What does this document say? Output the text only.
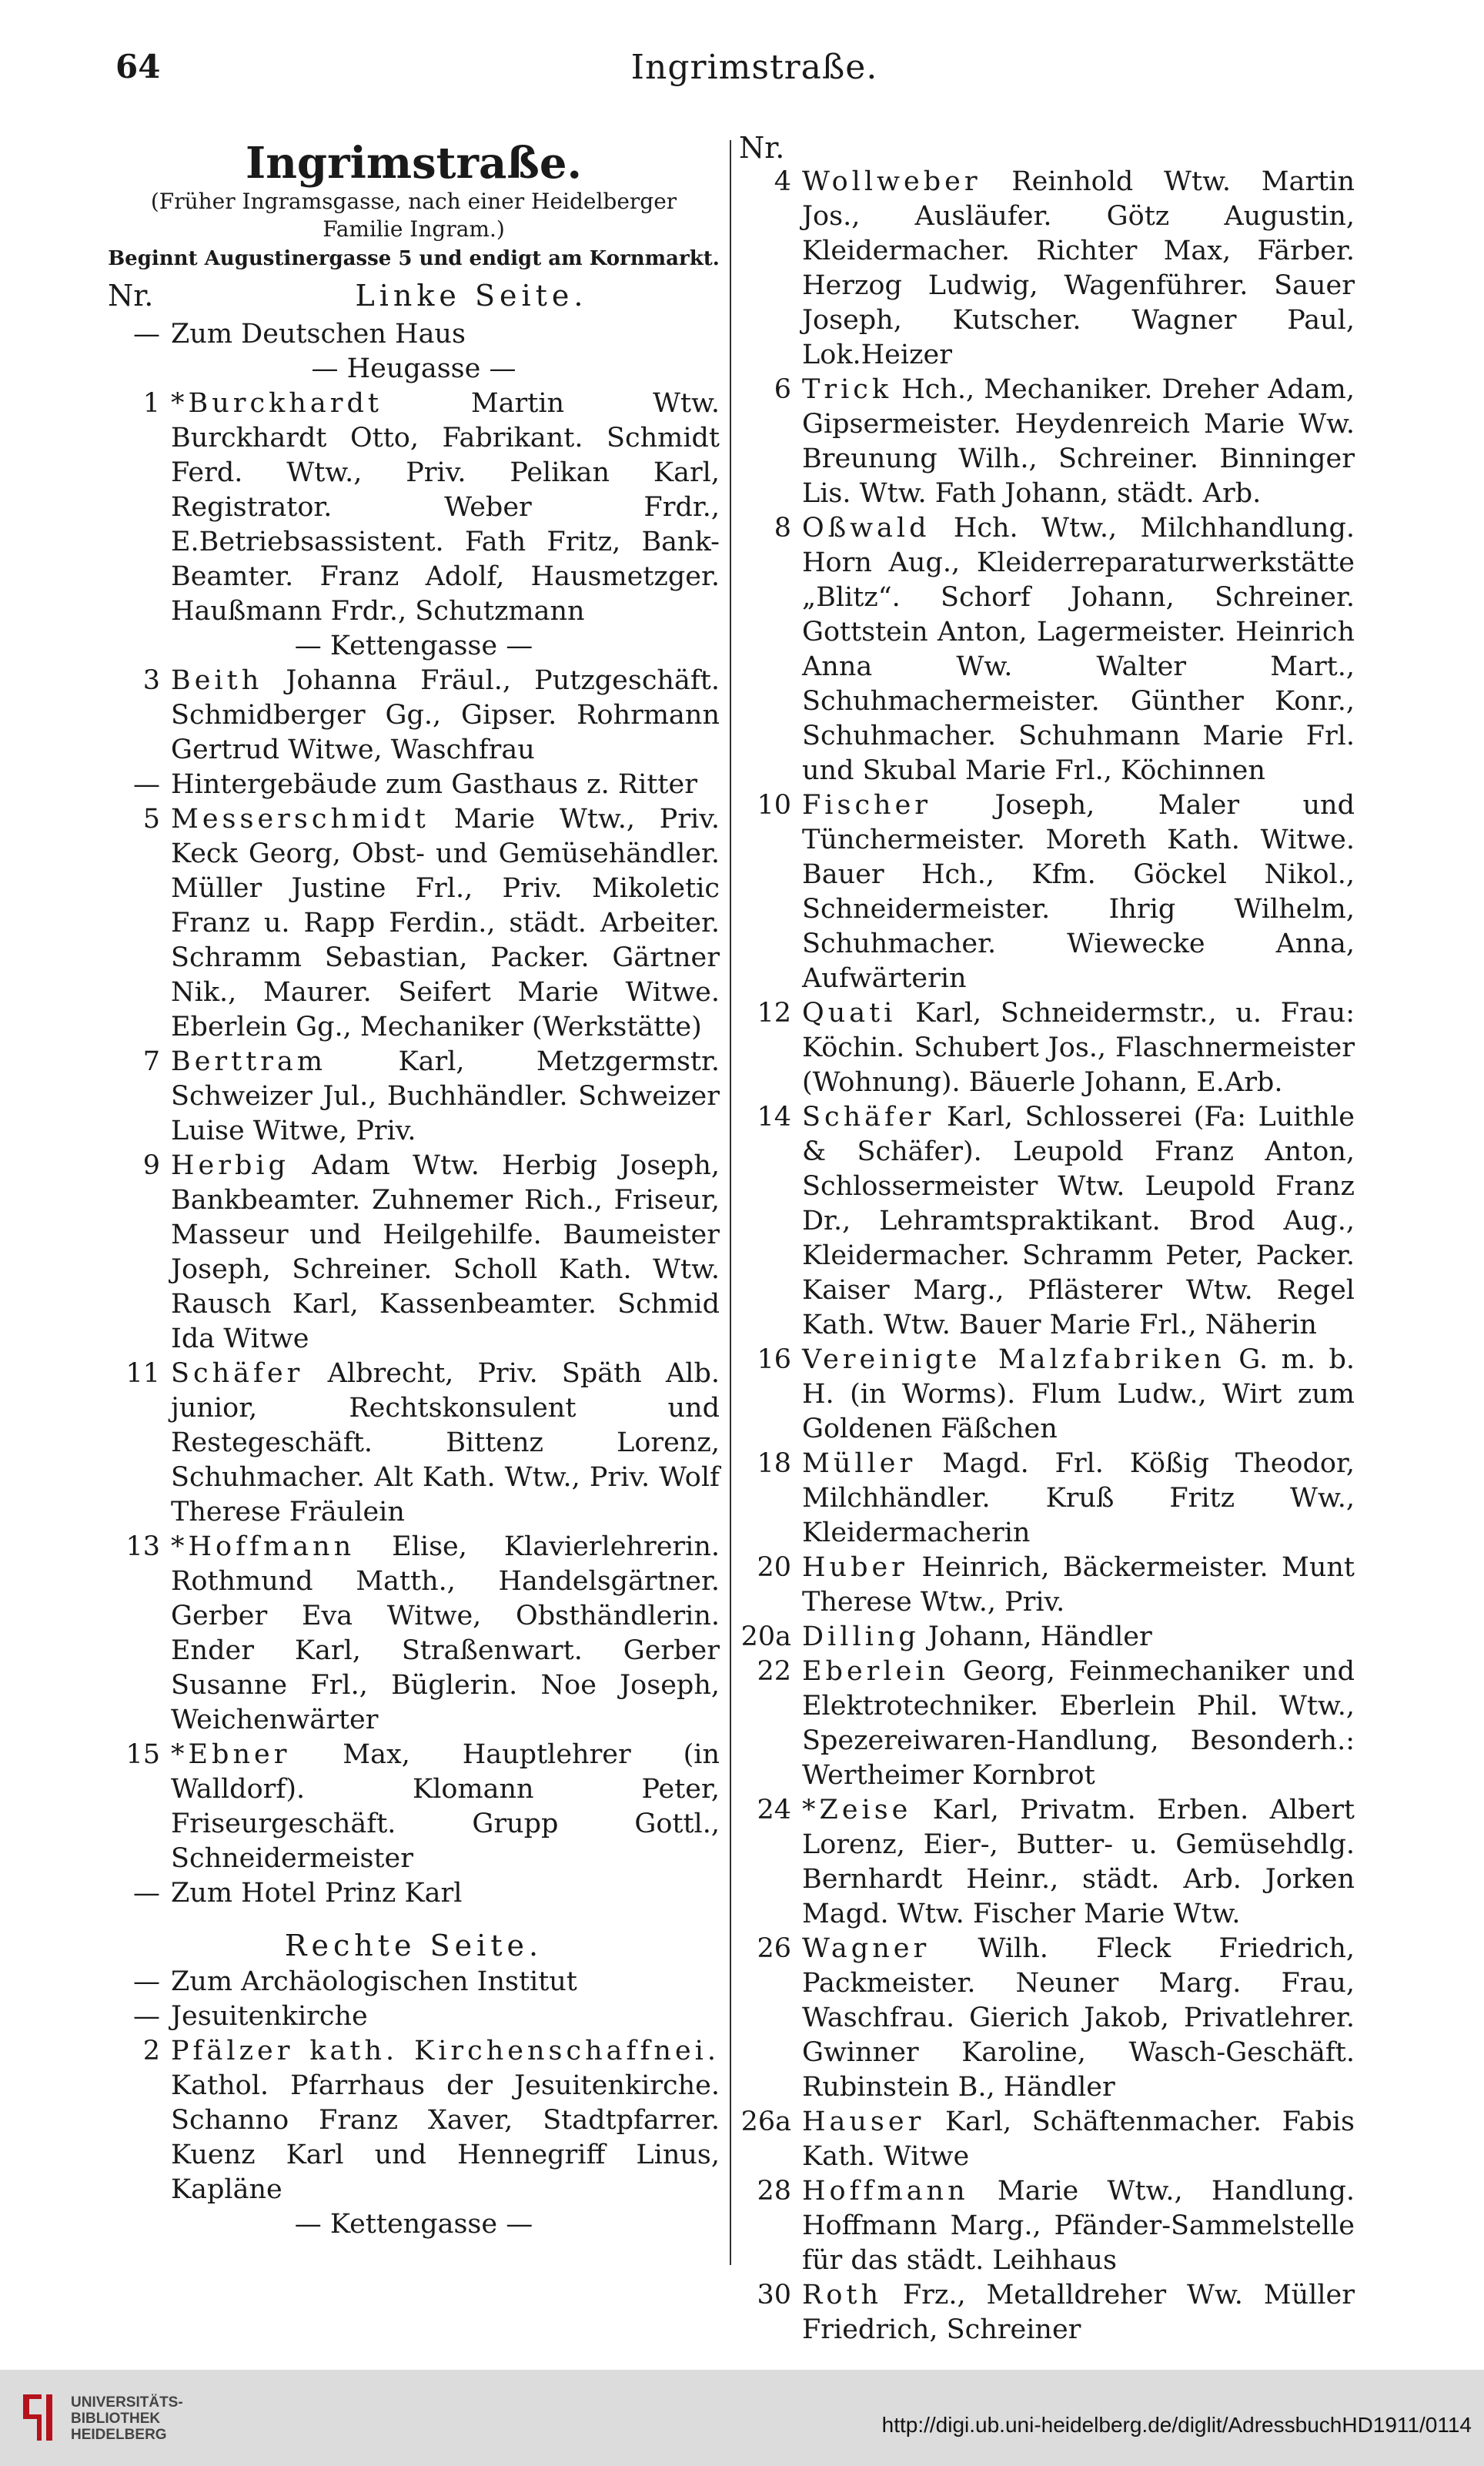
64	Ingrimstraße.
Ingrimstraße.
(Früher Ingramsgasse, nach einer Heidelberger Familie Ingram.)
Beginnt Augustinergasse 5 und endigt am Kornmarkt.
Nr.	Linke Seite.
— Zum Deutschen Haus
— Heugasse —
1 *Burckhardt Martin Wtw. Burckhardt Otto, Fabrikant. Schmidt Ferd. Wtw., Priv. Pelikan Karl, Registrator. Weber Frdr., E.Betriebsassistent. Fath Fritz, Bank-Beamter. Franz Adolf, Hausmetzger. Haußmann Frdr., Schutzmann
— Kettengasse —
3 Beith Johanna Fräul., Putzgeschäft. Schmidberger Gg., Gipser. Rohrmann Gertrud Witwe, Waschfrau
— Hintergebäude zum Gasthaus z. Ritter
5 Messerschmidt Marie Wtw., Priv. Keck Georg, Obst- und Gemüsehändler. Müller Justine Frl., Priv. Mikoletic Franz u. Rapp Ferdin., städt. Arbeiter. Schramm Sebastian, Packer. Gärtner Nik., Maurer. Seifert Marie Witwe. Eberlein Gg., Mechaniker (Werkstätte)
7 Berttram Karl, Metzgermstr. Schweizer Jul., Buchhändler. Schweizer Luise Witwe, Priv.
9 Herbig Adam Wtw. Herbig Joseph, Bankbeamter. Zuhnemer Rich., Friseur, Masseur und Heilgehilfe. Baumeister Joseph, Schreiner. Scholl Kath. Wtw. Rausch Karl, Kassenbeamter. Schmid Ida Witwe
11 Schäfer Albrecht, Priv. Späth Alb. junior, Rechtskonsulent und Restegeschäft. Bittenz Lorenz, Schuhmacher. Alt Kath. Wtw., Priv. Wolf Therese Fräulein
13 *Hoffmann Elise, Klavierlehrerin. Rothmund Matth., Handelsgärtner. Gerber Eva Witwe, Obsthändlerin. Ender Karl, Straßenwart. Gerber Susanne Frl., Büglerin. Noe Joseph, Weichenwärter
15 *Ebner Max, Hauptlehrer (in Walldorf). Klomann Peter, Friseurgeschäft. Grupp Gottl., Schneidermeister
— Zum Hotel Prinz Karl
Rechte Seite.
— Zum Archäologischen Institut
— Jesuitenkirche
2 Pfälzer kath. Kirchenschaffnei. Kathol. Pfarrhaus der Jesuitenkirche. Schanno Franz Xaver, Stadtpfarrer. Kuenz Karl und Hennegriff Linus, Kapläne
— Kettengasse —
Nr.
4 Wollweber Reinhold Wtw. Martin Jos., Ausläufer. Götz Augustin, Kleidermacher. Richter Max, Färber. Herzog Ludwig, Wagenführer. Sauer Joseph, Kutscher. Wagner Paul, Lok.Heizer
6 Trick Hch., Mechaniker. Dreher Adam, Gipsermeister. Heydenreich Marie Ww. Breunung Wilh., Schreiner. Binninger Lis. Wtw. Fath Johann, städt. Arb.
8 Oßwald Hch. Wtw., Milchhandlung. Horn Aug., Kleiderreparaturwerkstätte „Blitz“. Schorf Johann, Schreiner. Gottstein Anton, Lagermeister. Heinrich Anna Ww. Walter Mart., Schuhmachermeister. Günther Konr., Schuhmacher. Schuhmann Marie Frl. und Skubal Marie Frl., Köchinnen
10 Fischer Joseph, Maler und Tünchermeister. Moreth Kath. Witwe. Bauer Hch., Kfm. Göckel Nikol., Schneidermeister. Ihrig Wilhelm, Schuhmacher. Wiewecke Anna, Aufwärterin
12 Quati Karl, Schneidermstr., u. Frau: Köchin. Schubert Jos., Flaschnermeister (Wohnung). Bäuerle Johann, E.Arb.
14 Schäfer Karl, Schlosserei (Fa: Luithle & Schäfer). Leupold Franz Anton, Schlossermeister Wtw. Leupold Franz Dr., Lehramtspraktikant. Brod Aug., Kleidermacher. Schramm Peter, Packer. Kaiser Marg., Pflästerer Wtw. Regel Kath. Wtw. Bauer Marie Frl., Näherin
16 Vereinigte Malzfabriken G. m. b. H. (in Worms). Flum Ludw., Wirt zum Goldenen Fäßchen
18 Müller Magd. Frl. Kößig Theodor, Milchhändler. Kruß Fritz Ww., Kleidermacherin
20 Huber Heinrich, Bäckermeister. Munt Therese Wtw., Priv.
20a Dilling Johann, Händler
22 Eberlein Georg, Feinmechaniker und Elektrotechniker. Eberlein Phil. Wtw., Spezereiwaren-Handlung, Besonderh.: Wertheimer Kornbrot
24 *Zeise Karl, Privatm. Erben. Albert Lorenz, Eier-, Butter- u. Gemüsehdlg. Bernhardt Heinr., städt. Arb. Jorken Magd. Wtw. Fischer Marie Wtw.
26 Wagner Wilh. Fleck Friedrich, Packmeister. Neuner Marg. Frau, Waschfrau. Gierich Jakob, Privatlehrer. Gwinner Karoline, Wasch-Geschäft. Rubinstein B., Händler
26a Hauser Karl, Schäftenmacher. Fabis Kath. Witwe
28 Hoffmann Marie Wtw., Handlung. Hoffmann Marg., Pfänder-Sammelstelle für das städt. Leihhaus
30 Roth Frz., Metalldreher Ww. Müller Friedrich, Schreiner
UNIVERSITÄTS-
BIBLIOTHEK
HEIDELBERG	http://digi.ub.uni-heidelberg.de/diglit/AdressbuchHD1911/0114
